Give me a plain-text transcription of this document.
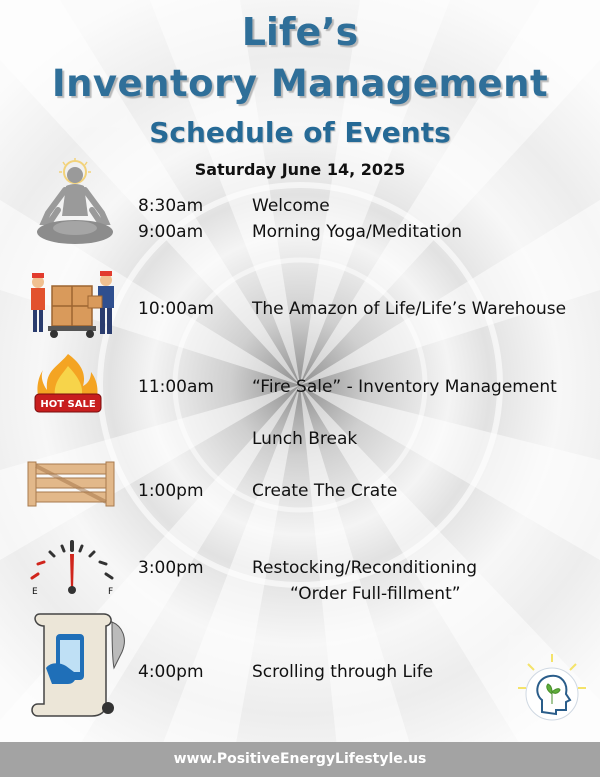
Life’s
Inventory Management
Schedule of Events
Saturday June 14, 2025
8:30am	Welcome
9:00am	Morning Yoga/Meditation
10:00am The Amazon of Life/Life’s Warehouse
HOT SALE
11:00am “Fire Sale” - Inventory Management
Lunch Break
1:00pm	Create The Crate
E	F
3:00pm	Restocking/Reconditioning
“Order Full-fillment”
4:00pm	Scrolling through Life
www.PositiveEnergyLifestyle.us
